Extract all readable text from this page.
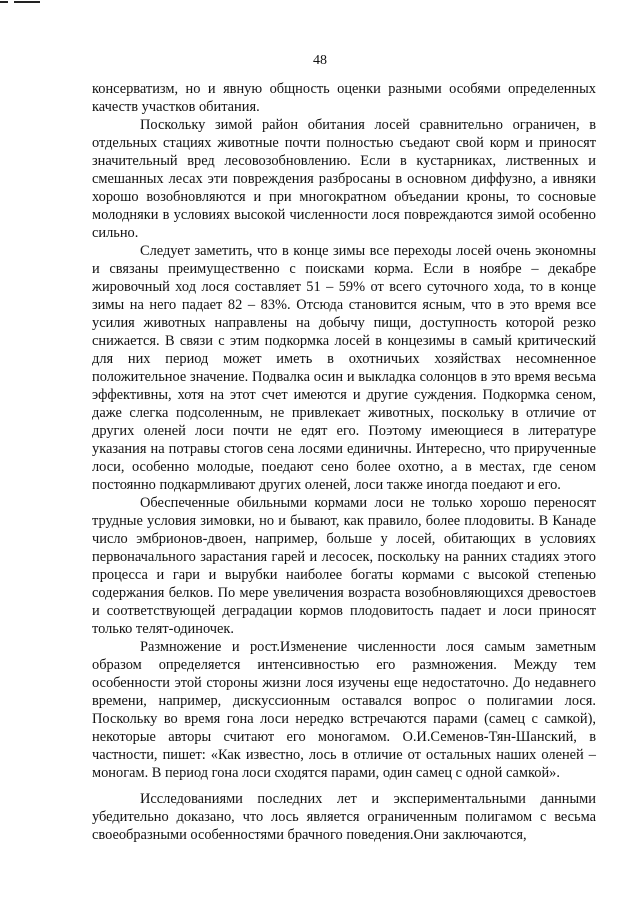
48

консерватизм, но и явную общность оценки разными особями определенных качеств участков обитания.

Поскольку зимой район обитания лосей сравнительно ограничен, в отдельных стациях животные почти полностью съедают свой корм и приносят значительный вред лесовозобновлению. Если в кустарниках, лиственных и смешанных лесах эти повреждения разбросаны в основном диффузно, а ивняки хорошо возобновляются и при многократном объедании кроны, то сосновые молодняки в условиях высокой численности лося повреждаются зимой особенно сильно.

Следует заметить, что в конце зимы все переходы лосей очень экономны и связаны преимущественно с поисками корма. Если в ноябре – декабре жировочный ход лося составляет 51 – 59% от всего суточного хода, то в конце зимы на него падает 82 – 83%. Отсюда становится ясным, что в это время все усилия животных направлены на добычу пищи, доступность которой резко снижается. В связи с этим подкормка лосей в концезимы в самый критический для них период может иметь в охотничьих хозяйствах несомненное положительное значение. Подвалка осин и выкладка солонцов в это время весьма эффективны, хотя на этот счет имеются и другие суждения. Подкормка сеном, даже слегка подсоленным, не привлекает животных, поскольку в отличие от других оленей лоси почти не едят его. Поэтому имеющиеся в литературе указания на потравы стогов сена лосями единичны. Интересно, что прирученные лоси, особенно молодые, поедают сено более охотно, а в местах, где сеном постоянно подкармливают других оленей, лоси также иногда поедают и его.

Обеспеченные обильными кормами лоси не только хорошо переносят трудные условия зимовки, но и бывают, как правило, более плодовиты. В Канаде число эмбрионов-двоен, например, больше у лосей, обитающих в условиях первоначального зарастания гарей и лесосек, поскольку на ранних стадиях этого процесса и гари и вырубки наиболее богаты кормами с высокой степенью содержания белков. По мере увеличения возраста возобновляющихся древостоев и соответствующей деградации кормов плодовитость падает и лоси приносят только телят-одиночек.

Размножение и рост.Изменение численности лося самым заметным образом определяется интенсивностью его размножения. Между тем особенности этой стороны жизни лося изучены еще недостаточно. До недавнего времени, например, дискуссионным оставался вопрос о полигамии лося. Поскольку во время гона лоси нередко встречаются парами (самец с самкой), некоторые авторы считают его моногамом. О.И.Семенов-Тян-Шанский, в частности, пишет: «Как известно, лось в отличие от остальных наших оленей – моногам. В период гона лоси сходятся парами, один самец с одной самкой».

Исследованиями последних лет и экспериментальными данными убедительно доказано, что лось является ограниченным полигамом с весьма своеобразными особенностями брачного поведения.Они заключаются,
